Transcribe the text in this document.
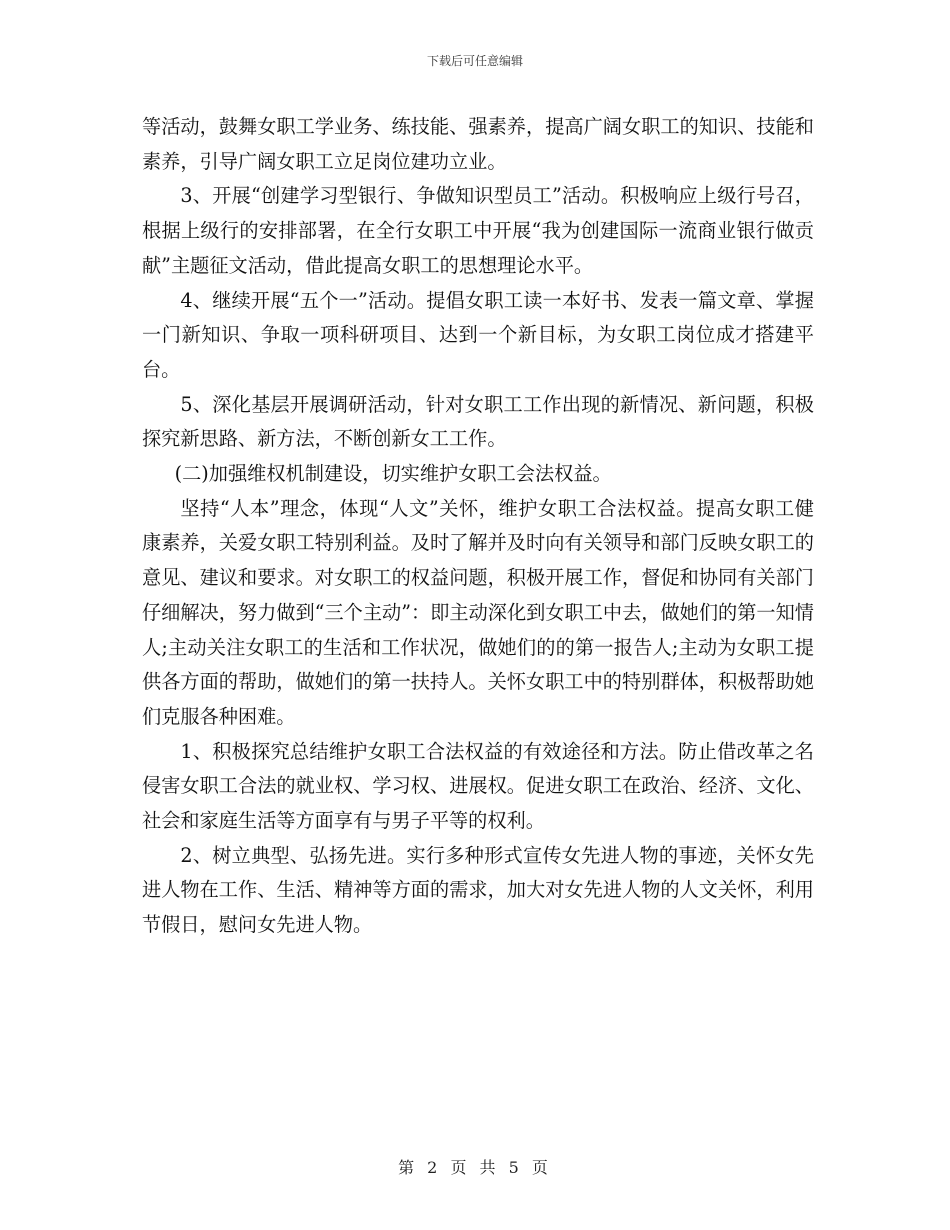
下载后可任意编辑

等活动，鼓舞女职工学业务、练技能、强素养，提高广阔女职工的知识、技能和素养，引导广阔女职工立足岗位建功立业。

3、开展“创建学习型银行、争做知识型员工”活动。积极响应上级行号召，根据上级行的安排部署，在全行女职工中开展“我为创建国际一流商业银行做贡献”主题征文活动，借此提高女职工的思想理论水平。

4、继续开展“五个一”活动。提倡女职工读一本好书、发表一篇文章、掌握一门新知识、争取一项科研项目、达到一个新目标，为女职工岗位成才搭建平台。

5、深化基层开展调研活动，针对女职工工作出现的新情况、新问题，积极探究新思路、新方法，不断创新女工工作。

(二)加强维权机制建设，切实维护女职工会法权益。

坚持“人本”理念，体现“人文”关怀，维护女职工合法权益。提高女职工健康素养，关爱女职工特别利益。及时了解并及时向有关领导和部门反映女职工的意见、建议和要求。对女职工的权益问题，积极开展工作，督促和协同有关部门仔细解决，努力做到“三个主动”：即主动深化到女职工中去，做她们的第一知情人;主动关注女职工的生活和工作状况，做她们的的第一报告人;主动为女职工提供各方面的帮助，做她们的第一扶持人。关怀女职工中的特别群体，积极帮助她们克服各种困难。

1、积极探究总结维护女职工合法权益的有效途径和方法。防止借改革之名侵害女职工合法的就业权、学习权、进展权。促进女职工在政治、经济、文化、社会和家庭生活等方面享有与男子平等的权利。

2、树立典型、弘扬先进。实行多种形式宣传女先进人物的事迹，关怀女先进人物在工作、生活、精神等方面的需求，加大对女先进人物的人文关怀，利用节假日，慰问女先进人物。

第 2 页 共 5 页
